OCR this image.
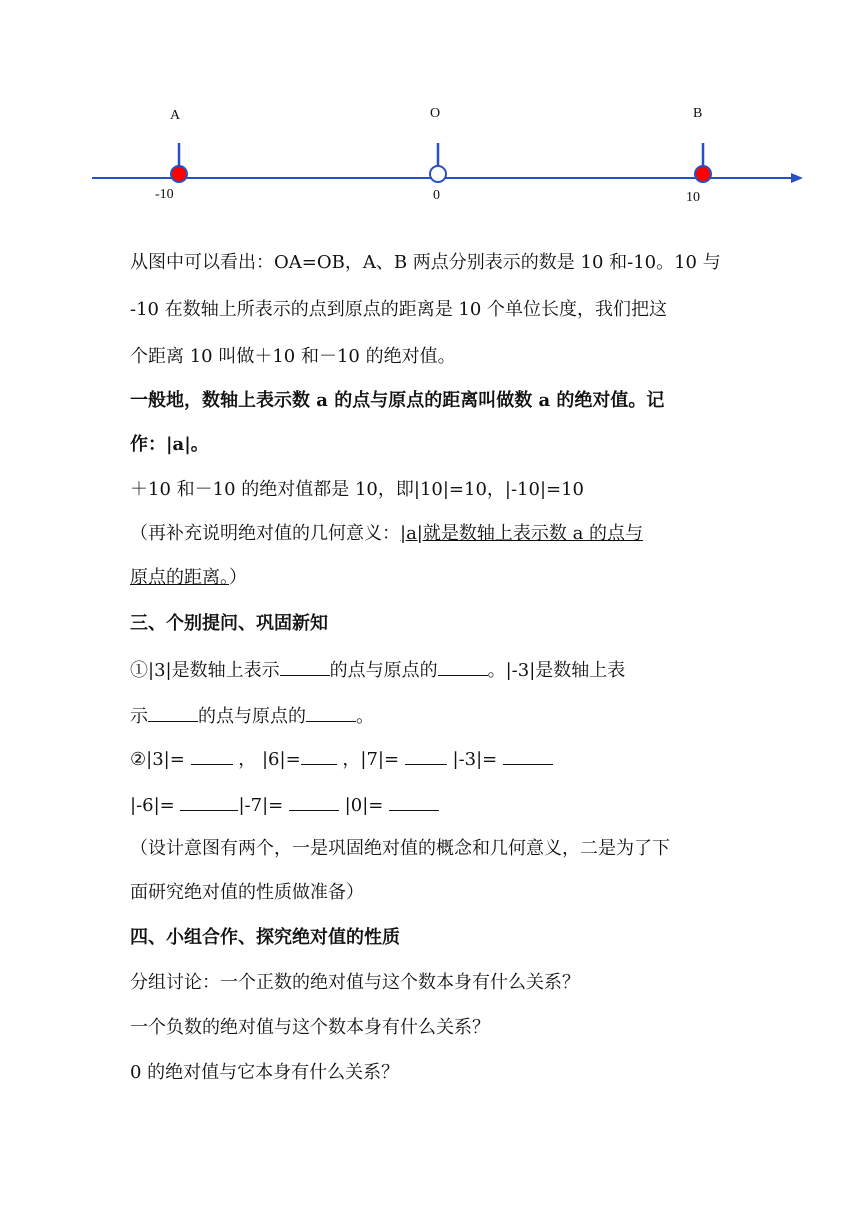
A	O	B
-10	0	10
从图中可以看出：OA=OB，A、B 两点分别表示的数是 10 和-10。10 与
-10 在数轴上所表示的点到原点的距离是 10 个单位长度，我们把这
个距离 10 叫做＋10 和－10 的绝对值。
一般地，数轴上表示数 a 的点与原点的距离叫做数 a 的绝对值。记
作：|a|。
＋10 和－10 的绝对值都是 10，即|10|=10，|-10|=10
（再补充说明绝对值的几何意义：|a|就是数轴上表示数 a 的点与
原点的距离。）
三、个别提问、巩固新知
①|3|是数轴上表示	的点与原点的	。|-3|是数轴上表
示	的点与原点的	。
②|3|=	， |6|= ，|7|=	|-3|=
|-6|=	|-7|=	|0|=
（设计意图有两个，一是巩固绝对值的概念和几何意义，二是为了下
面研究绝对值的性质做准备）
四、小组合作、探究绝对值的性质
分组讨论：一个正数的绝对值与这个数本身有什么关系？
一个负数的绝对值与这个数本身有什么关系？
0 的绝对值与它本身有什么关系？
